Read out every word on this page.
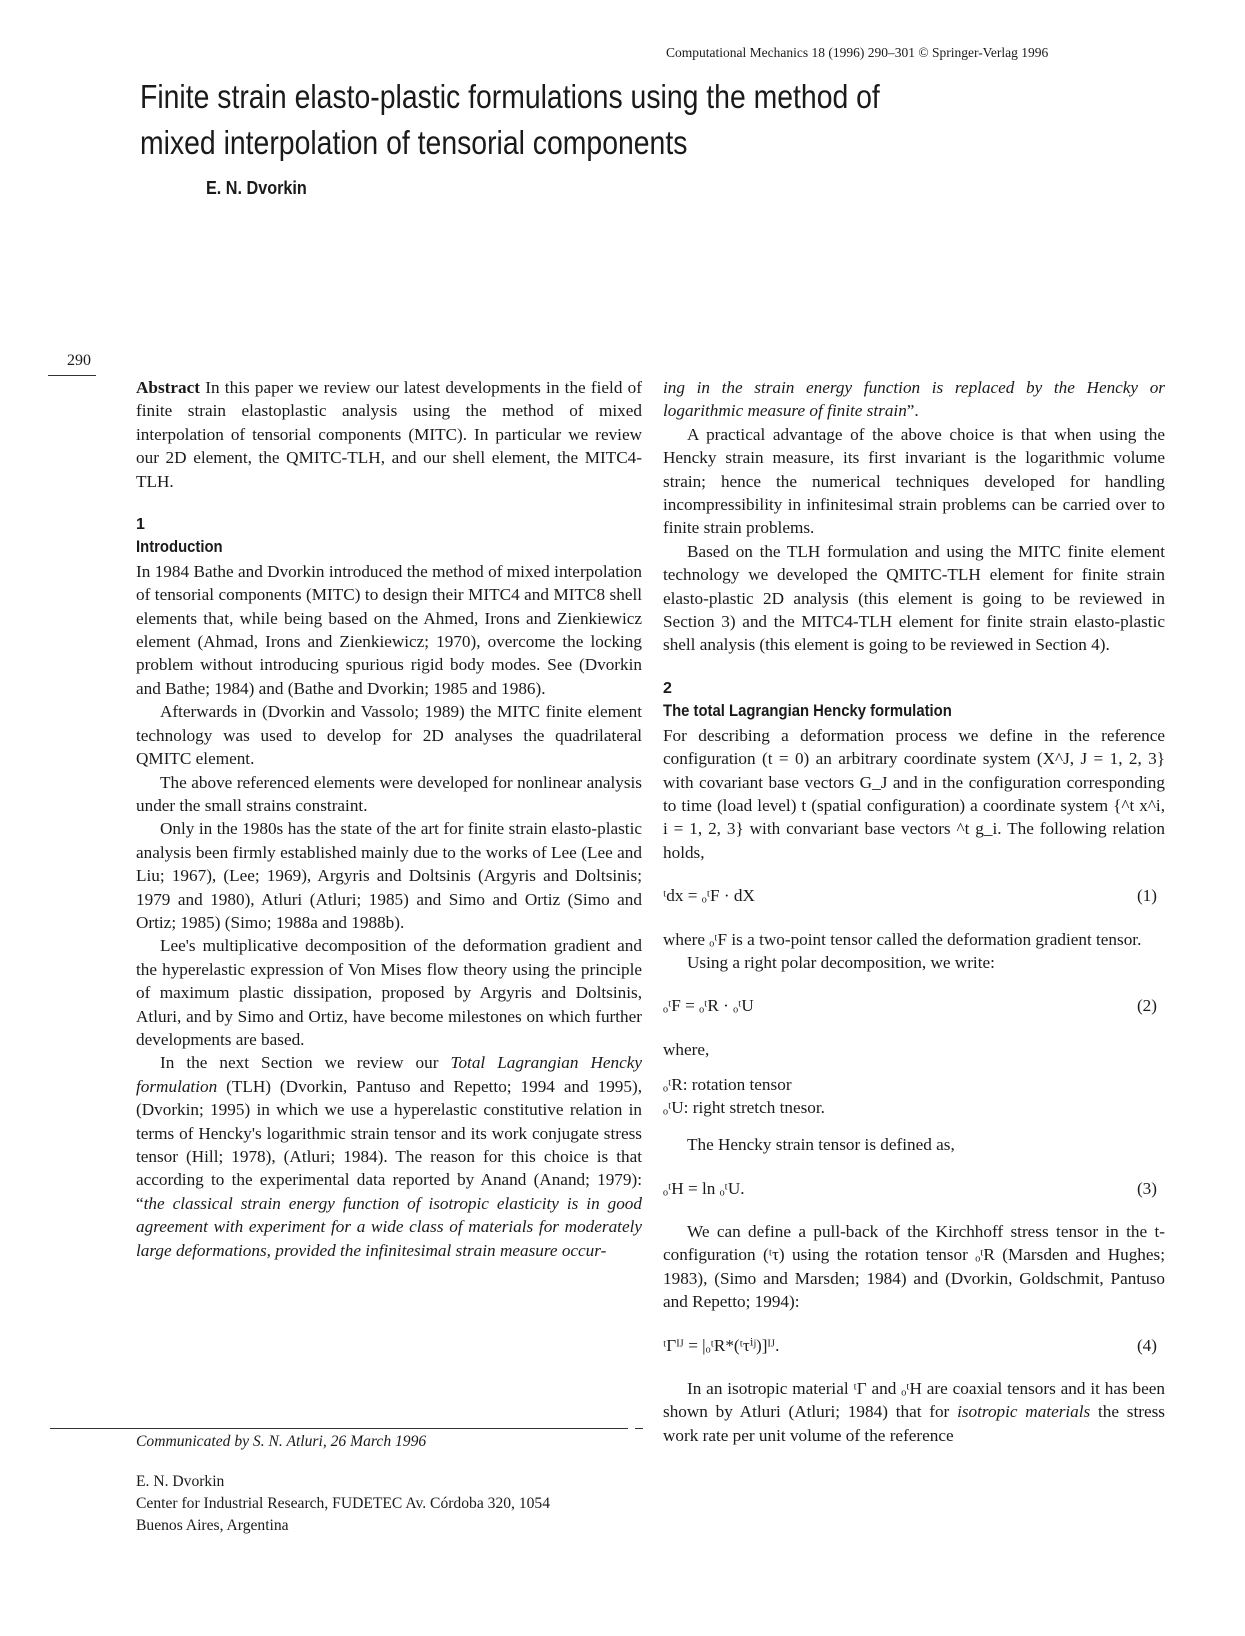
Computational Mechanics 18 (1996) 290–301 © Springer-Verlag 1996
Finite strain elasto-plastic formulations using the method of
mixed interpolation of tensorial components
E. N. Dvorkin
290

Abstract In this paper we review our latest developments in the field of finite strain elastoplastic analysis using the method of mixed interpolation of tensorial components (MITC). In particular we review our 2D element, the QMITC-TLH, and our shell element, the MITC4-TLH.

1
Introduction

In 1984 Bathe and Dvorkin introduced the method of mixed interpolation of tensorial components (MITC) to design their MITC4 and MITC8 shell elements that, while being based on the Ahmed, Irons and Zienkiewicz element (Ahmad, Irons and Zienkiewicz; 1970), overcome the locking problem without introducing spurious rigid body modes. See (Dvorkin and Bathe; 1984) and (Bathe and Dvorkin; 1985 and 1986).

Afterwards in (Dvorkin and Vassolo; 1989) the MITC finite element technology was used to develop for 2D analyses the quadrilateral QMITC element.

The above referenced elements were developed for nonlinear analysis under the small strains constraint.

Only in the 1980s has the state of the art for finite strain elasto-plastic analysis been firmly established mainly due to the works of Lee (Lee and Liu; 1967), (Lee; 1969), Argyris and Doltsinis (Argyris and Doltsinis; 1979 and 1980), Atluri (Atluri; 1985) and Simo and Ortiz (Simo and Ortiz; 1985) (Simo; 1988a and 1988b).

Lee's multiplicative decomposition of the deformation gradient and the hyperelastic expression of Von Mises flow theory using the principle of maximum plastic dissipation, proposed by Argyris and Doltsinis, Atluri, and by Simo and Ortiz, have become milestones on which further developments are based.

In the next Section we review our Total Lagrangian Hencky formulation (TLH) (Dvorkin, Pantuso and Repetto; 1994 and 1995), (Dvorkin; 1995) in which we use a hyperelastic constitutive relation in terms of Hencky's logarithmic strain tensor and its work conjugate stress tensor (Hill; 1978), (Atluri; 1984). The reason for this choice is that according to the experimental data reported by Anand (Anand; 1979): “the classical strain energy function of isotropic elasticity is in good agreement with experiment for a wide class of materials for moderately large deformations, provided the infinitesimal strain measure occur-

ing in the strain energy function is replaced by the Hencky or logarithmic measure of finite strain”.

A practical advantage of the above choice is that when using the Hencky strain measure, its first invariant is the logarithmic volume strain; hence the numerical techniques developed for handling incompressibility in infinitesimal strain problems can be carried over to finite strain problems.

Based on the TLH formulation and using the MITC finite element technology we developed the QMITC-TLH element for finite strain elasto-plastic 2D analysis (this element is going to be reviewed in Section 3) and the MITC4-TLH element for finite strain elasto-plastic shell analysis (this element is going to be reviewed in Section 4).

2
The total Lagrangian Hencky formulation

For describing a deformation process we define in the reference configuration (t = 0) an arbitrary coordinate system (X^J, J = 1, 2, 3} with covariant base vectors G_J and in the configuration corresponding to time (load level) t (spatial configuration) a coordinate system {^t x^i, i = 1, 2, 3} with convariant base vectors ^t g_i. The following relation holds,

ᵗdx = ₒᵗF · dX	(1)

where ₒᵗF is a two-point tensor called the deformation gradient tensor.

Using a right polar decomposition, we write:

ₒᵗF = ₒᵗR · ₒᵗU	(2)

where,

ₒᵗR: rotation tensor
ₒᵗU: right stretch tnesor.

The Hencky strain tensor is defined as,

ₒᵗH = ln ₒᵗU.	(3)

We can define a pull-back of the Kirchhoff stress tensor in the t-configuration (ᵗτ) using the rotation tensor ₒᵗR (Marsden and Hughes; 1983), (Simo and Marsden; 1984) and (Dvorkin, Goldschmit, Pantuso and Repetto; 1994):

ᵗΓᴵᴶ = |ₒᵗR*(ᵗτⁱʲ)]ᴵᴶ.	(4)

In an isotropic material ᵗΓ and ₒᵗH are coaxial tensors and it has been shown by Atluri (Atluri; 1984) that for isotropic materials the stress work rate per unit volume of the reference

Communicated by S. N. Atluri, 26 March 1996
E. N. Dvorkin
Center for Industrial Research, FUDETEC Av. Córdoba 320, 1054
Buenos Aires, Argentina
